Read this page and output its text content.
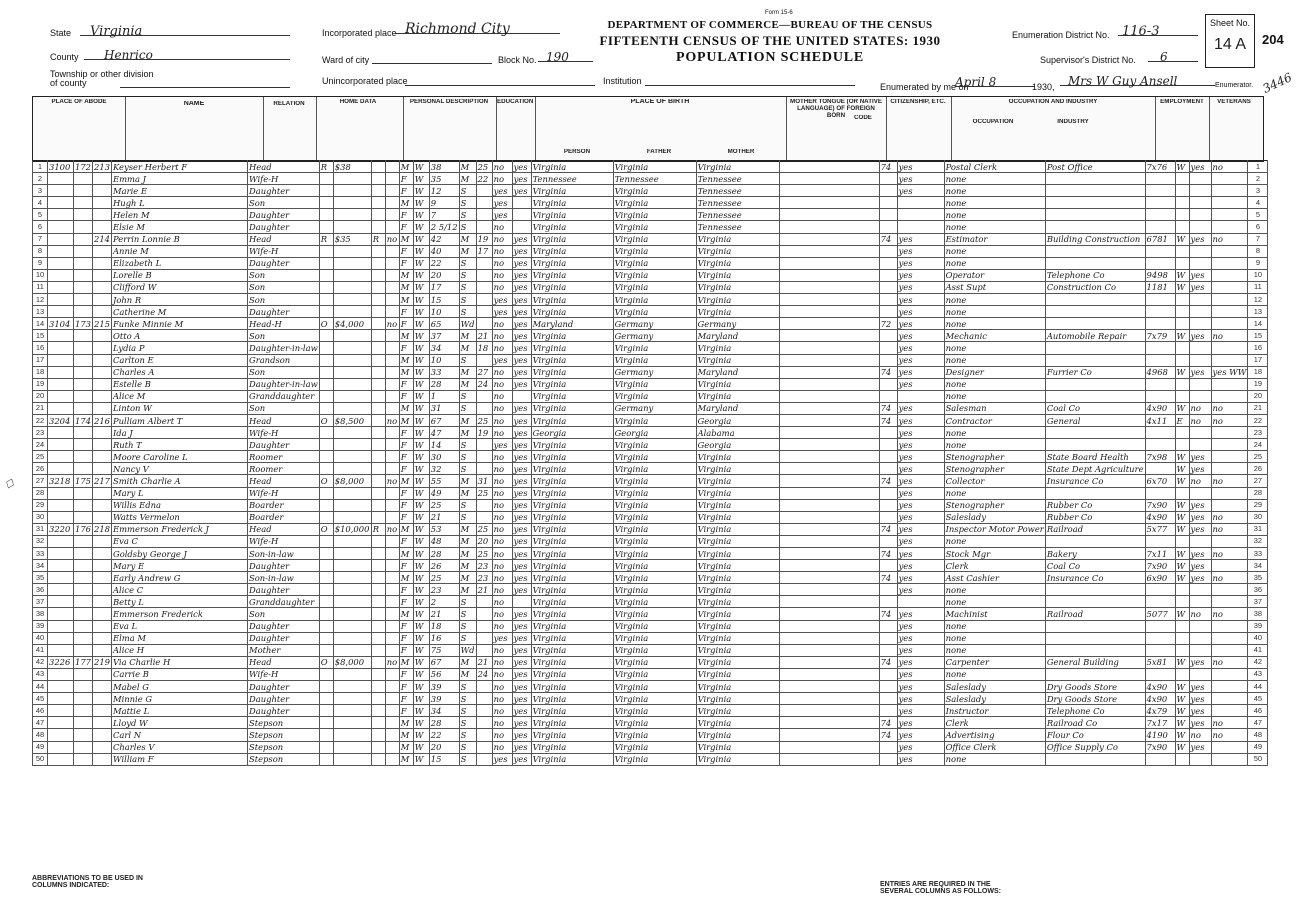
Form 15-6
DEPARTMENT OF COMMERCE—BUREAU OF THE CENSUS
FIFTEENTH CENSUS OF THE UNITED STATES: 1930
POPULATION SCHEDULE
State	Virginia
County	Henrico
Township or other division of county
Incorporated place Richmond City
Ward of city	Block No. 190
Unincorporated place	Institution
Enumeration District No. 116-3
Supervisor's District No.	6
Sheet No.
14 A	204
3446
Enumerated by me on
April 8	1930,	Mrs W Guy Ansell	Enumerator.
PLACE OF ABODE	NAME	RELATION	HOME DATA	PERSONAL DESCRIPTION	EDUCATION	PLACE OF BIRTH
PERSON	FATHER	MOTHER
MOTHER TONGUE (OR NATIVE LANGUAGE) OF FOREIGN BORN	CODE
CITIZENSHIP, ETC.	OCCUPATION AND INDUSTRY
OCCUPATION	INDUSTRY
EMPLOYMENT	VETERANS
1	3100	172	213	Keyser Herbert F	Head	R	$38			M	W	38	M	25	no	yes	Virginia	Virginia	Virginia		74	yes	Postal Clerk	Post Office	7x76	W	yes	no	1
2				Emma J	Wife-H					F	W	35	M	22	no	yes	Tennessee	Tennessee	Tennessee			yes	none						2
3				Marie E	Daughter					F	W	12	S		yes	yes	Virginia	Virginia	Tennessee			yes	none						3
4				Hugh L	Son					M	W	9	S		yes		Virginia	Virginia	Tennessee				none						4
5				Helen M	Daughter					F	W	7	S		yes		Virginia	Virginia	Tennessee				none						5
6				Elsie M	Daughter					F	W	2 5/12	S		no		Virginia	Virginia	Tennessee				none						6
7			214	Perrin Lonnie B	Head	R	$35	R	no	M	W	42	M	19	no	yes	Virginia	Virginia	Virginia		74	yes	Estimator	Building Construction	6781	W	yes	no	7
8				Annie M	Wife-H					F	W	40	M	17	no	yes	Virginia	Virginia	Virginia			yes	none						8
9				Elizabeth L	Daughter					F	W	22	S		no	yes	Virginia	Virginia	Virginia			yes	none						9
10				Lorelle B	Son					M	W	20	S		no	yes	Virginia	Virginia	Virginia			yes	Operator	Telephone Co	9498	W	yes		10
11				Clifford W	Son					M	W	17	S		no	yes	Virginia	Virginia	Virginia			yes	Asst Supt	Construction Co	1181	W	yes		11
12				John R	Son					M	W	15	S		yes	yes	Virginia	Virginia	Virginia			yes	none						12
13				Catherine M	Daughter					F	W	10	S		yes	yes	Virginia	Virginia	Virginia			yes	none						13
14	3104	173	215	Funke Minnie M	Head-H	O	$4,000		no	F	W	65	Wd		no	yes	Maryland	Germany	Germany		72	yes	none						14
15				Otto A	Son					M	W	37	M	21	no	yes	Virginia	Germany	Maryland			yes	Mechanic	Automobile Repair	7x79	W	yes	no	15
16				Lydia P	Daughter-in-law					F	W	34	M	18	no	yes	Virginia	Virginia	Virginia			yes	none						16
17				Carlton E	Grandson					M	W	10	S		yes	yes	Virginia	Virginia	Virginia			yes	none						17
18				Charles A	Son					M	W	33	M	27	no	yes	Virginia	Germany	Maryland		74	yes	Designer	Furrier Co	4968	W	yes	yes WW	18
19				Estelle B	Daughter-in-law					F	W	28	M	24	no	yes	Virginia	Virginia	Virginia			yes	none						19
20				Alice M	Granddaughter					F	W	1	S		no		Virginia	Virginia	Virginia				none						20
21				Linton W	Son					M	W	31	S		no	yes	Virginia	Germany	Maryland		74	yes	Salesman	Coal Co	4x90	W	no	no	21
22	3204	174	216	Pulliam Albert T	Head	O	$8,500		no	M	W	67	M	25	no	yes	Virginia	Virginia	Georgia		74	yes	Contractor	General	4x11	E	no	no	22
23				Ida J	Wife-H					F	W	47	M	19	no	yes	Georgia	Georgia	Alabama			yes	none						23
24				Ruth T	Daughter					F	W	14	S		yes	yes	Virginia	Virginia	Georgia			yes	none						24
25				Moore Caroline L	Roomer					F	W	30	S		no	yes	Virginia	Virginia	Virginia			yes	Stenographer	State Board Health	7x98	W	yes		25
26				Nancy V	Roomer					F	W	32	S		no	yes	Virginia	Virginia	Virginia			yes	Stenographer	State Dept Agriculture		W	yes		26
27	3218	175	217	Smith Charlie A	Head	O	$8,000		no	M	W	55	M	31	no	yes	Virginia	Virginia	Virginia		74	yes	Collector	Insurance Co	6x70	W	no	no	27
28				Mary L	Wife-H					F	W	49	M	25	no	yes	Virginia	Virginia	Virginia			yes	none						28
29				Willis Edna	Boarder					F	W	25	S		no	yes	Virginia	Virginia	Virginia			yes	Stenographer	Rubber Co	7x90	W	yes		29
30				Watts Vermelon	Boarder					F	W	21	S		no	yes	Virginia	Virginia	Virginia			yes	Saleslady	Rubber Co	4x90	W	yes	no	30
31	3220	176	218	Emmerson Frederick J	Head	O	$10,000	R	no	M	W	53	M	25	no	yes	Virginia	Virginia	Virginia		74	yes	Inspector Motor Power	Railroad	5x77	W	yes	no	31
32				Eva C	Wife-H					F	W	48	M	20	no	yes	Virginia	Virginia	Virginia			yes	none						32
33				Goldsby George J	Son-in-law					M	W	28	M	25	no	yes	Virginia	Virginia	Virginia		74	yes	Stock Mgr	Bakery	7x11	W	yes	no	33
34				Mary E	Daughter					F	W	26	M	23	no	yes	Virginia	Virginia	Virginia			yes	Clerk	Coal Co	7x90	W	yes		34
35				Early Andrew G	Son-in-law					M	W	25	M	23	no	yes	Virginia	Virginia	Virginia		74	yes	Asst Cashier	Insurance Co	6x90	W	yes	no	35
36				Alice C	Daughter					F	W	23	M	21	no	yes	Virginia	Virginia	Virginia			yes	none						36
37				Betty L	Granddaughter					F	W	2	S		no		Virginia	Virginia	Virginia				none						37
38				Emmerson Frederick	Son					M	W	21	S		no	yes	Virginia	Virginia	Virginia		74	yes	Machinist	Railroad	5077	W	no	no	38
39				Eva L	Daughter					F	W	18	S		no	yes	Virginia	Virginia	Virginia			yes	none						39
40				Elma M	Daughter					F	W	16	S		yes	yes	Virginia	Virginia	Virginia			yes	none						40
41				Alice H	Mother					F	W	75	Wd		no	yes	Virginia	Virginia	Virginia			yes	none						41
42	3226	177	219	Via Charlie H	Head	O	$8,000		no	M	W	67	M	21	no	yes	Virginia	Virginia	Virginia		74	yes	Carpenter	General Building	5x81	W	yes	no	42
43				Carrie B	Wife-H					F	W	56	M	24	no	yes	Virginia	Virginia	Virginia			yes	none						43
44				Mabel G	Daughter					F	W	39	S		no	yes	Virginia	Virginia	Virginia			yes	Saleslady	Dry Goods Store	4x90	W	yes		44
45				Minnie G	Daughter					F	W	39	S		no	yes	Virginia	Virginia	Virginia			yes	Saleslady	Dry Goods Store	4x90	W	yes		45
46				Mattie L	Daughter					F	W	34	S		no	yes	Virginia	Virginia	Virginia			yes	Instructor	Telephone Co	4x79	W	yes		46
47				Lloyd W	Stepson					M	W	28	S		no	yes	Virginia	Virginia	Virginia		74	yes	Clerk	Railroad Co	7x17	W	yes	no	47
48				Carl N	Stepson					M	W	22	S		no	yes	Virginia	Virginia	Virginia		74	yes	Advertising	Flour Co	4190	W	no	no	48
49				Charles V	Stepson					M	W	20	S		no	yes	Virginia	Virginia	Virginia			yes	Office Clerk	Office Supply Co	7x90	W	yes		49
50				William F	Stepson					M	W	15	S		yes	yes	Virginia	Virginia	Virginia			yes	none						50
☐
ABBREVIATIONS TO BE USED IN COLUMNS INDICATED:	ENTRIES ARE REQUIRED IN THE SEVERAL COLUMNS AS FOLLOWS:
